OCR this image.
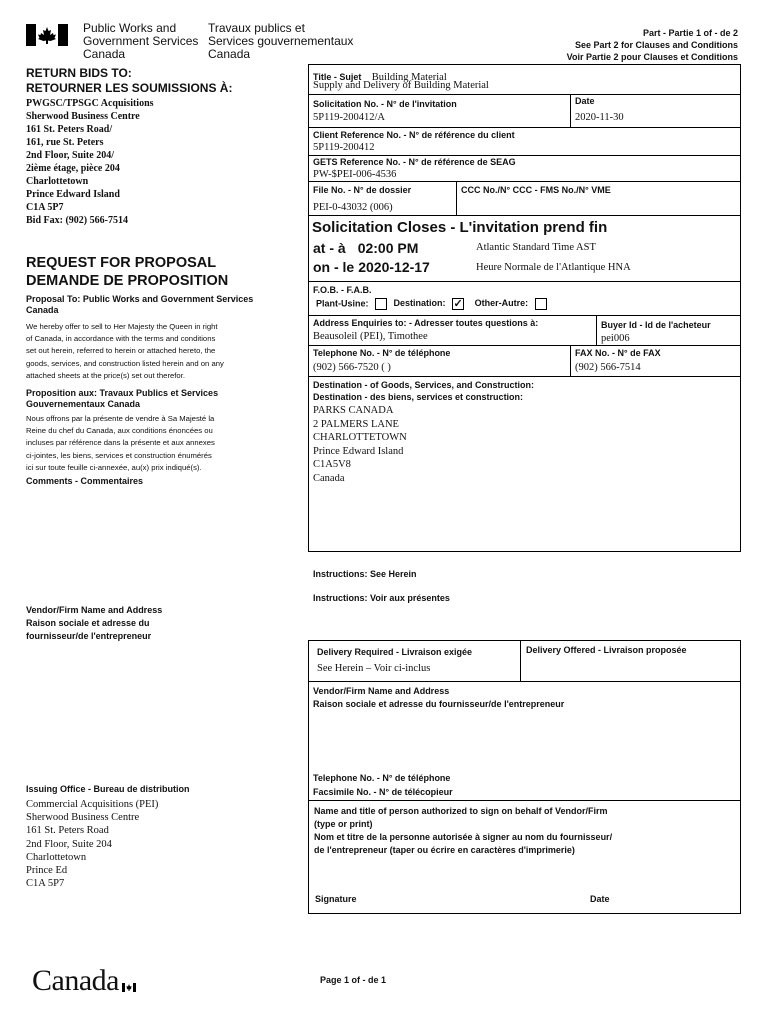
Public Works and
Government Services
Canada
Travaux publics et
Services gouvernementaux
Canada
Part - Partie 1 of - de 2
See Part 2 for Clauses and Conditions
Voir Partie 2 pour Clauses et Conditions
RETURN BIDS TO:
RETOURNER LES SOUMISSIONS À:
PWGSC/TPSGC Acquisitions
Sherwood Business Centre
161 St. Peters Road/
161, rue St. Peters
2nd Floor, Suite 204/
2ième étage, pièce 204
Charlottetown
Prince Edward Island
C1A 5P7
Bid Fax: (902) 566-7514
REQUEST FOR PROPOSAL
DEMANDE DE PROPOSITION
Proposal To: Public Works and Government Services Canada
We hereby offer to sell to Her Majesty the Queen in right
of Canada, in accordance with the terms and conditions
set out herein, referred to herein or attached hereto, the
goods, services, and construction listed herein and on any
attached sheets at the price(s) set out therefor.
Proposition aux: Travaux Publics et Services
Gouvernementaux Canada
Nous offrons par la présente de vendre à Sa Majesté la
Reine du chef du Canada, aux conditions énoncées ou
incluses par référence dans la présente et aux annexes
ci-jointes, les biens, services et construction énumérés
ici sur toute feuille ci-annexée, au(x) prix indiqué(s).
Comments - Commentaires
Vendor/Firm Name and Address
Raison sociale et adresse du
fournisseur/de l'entrepreneur
Issuing Office - Bureau de distribution
Commercial Acquisitions (PEI)
Sherwood Business Centre
161 St. Peters Road
2nd Floor, Suite 204
Charlottetown
Prince Ed
C1A 5P7
Title - Sujet Building Material
Supply and Delivery of Building Material
Solicitation No. - N° de l'invitation
5P119-200412/A
Date
2020-11-30
Client Reference No. - N° de référence du client
5P119-200412
GETS Reference No. - N° de référence de SEAG
PW-$PEI-006-4536
File No. - N° de dossier
PEI-0-43032 (006)
CCC No./N° CCC - FMS No./N° VME
Solicitation Closes - L'invitation prend fin
at - à 02:00 PM
on - le 2020-12-17
Atlantic Standard Time AST
Heure Normale de l'Atlantique HNA
F.O.B. - F.A.B.
Plant-Usine:	Destination: ✓ Other-Autre:
Address Enquiries to: - Adresser toutes questions à:
Beausoleil (PEI), Timothee
Buyer Id - Id de l'acheteur
pei006
Telephone No. - N° de téléphone
(902) 566-7520 ( )
FAX No. - N° de FAX
(902) 566-7514
Destination - of Goods, Services, and Construction:
Destination - des biens, services et construction:
PARKS CANADA
2 PALMERS LANE
CHARLOTTETOWN
Prince Edward Island
C1A5V8
Canada
Instructions: See Herein
Instructions: Voir aux présentes
Delivery Required - Livraison exigée
See Herein – Voir ci-inclus
Delivery Offered - Livraison proposée
Vendor/Firm Name and Address
Raison sociale et adresse du fournisseur/de l'entrepreneur
Telephone No. - N° de téléphone
Facsimile No. - N° de télécopieur
Name and title of person authorized to sign on behalf of Vendor/Firm
(type or print)
Nom et titre de la personne autorisée à signer au nom du fournisseur/
de l'entrepreneur (taper ou écrire en caractères d'imprimerie)
Signature	Date
Canada	Page 1 of - de 1
